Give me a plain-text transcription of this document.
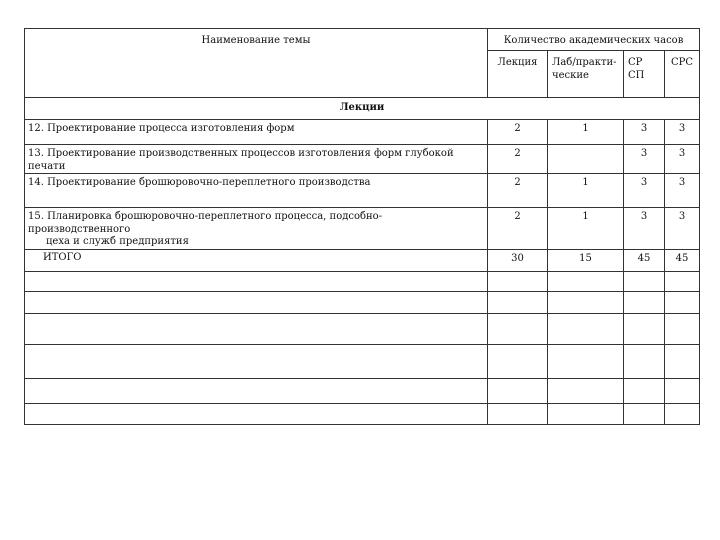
Наименование темы	Количество академических часов			
	Лекция	Лаб/практи-ческие	СР СП	СРС
Лекции				
12. Проектирование процесса изготовления форм	2	1	3	3
13. Проектирование производственных процессов изготовления форм глубокой печати	2		3	3
14. Проектирование брошюровочно-переплетного производства	2	1	3	3

15. Планировка брошюровочно-переплетного процесса, подсобно-производственного
цеха и служб предприятия	2	1	3	3
ИТОГО	30	15	45	45
